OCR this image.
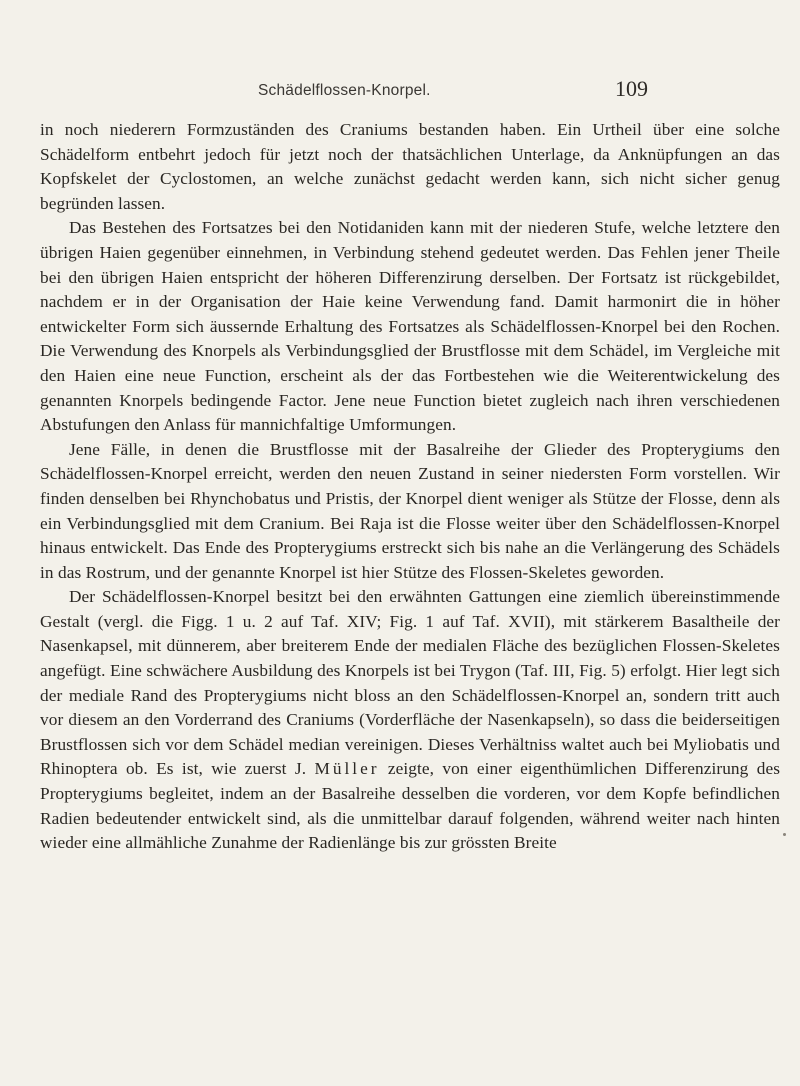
Schädelflossen-Knorpel.	109

in noch niederern Formzuständen des Craniums bestanden haben. Ein Urtheil über eine solche Schädelform entbehrt jedoch für jetzt noch der thatsächlichen Unterlage, da Anknüpfungen an das Kopfskelet der Cyclostomen, an welche zunächst gedacht werden kann, sich nicht sicher genug begründen lassen.

Das Bestehen des Fortsatzes bei den Notidaniden kann mit der niederen Stufe, welche letztere den übrigen Haien gegenüber einnehmen, in Verbindung stehend gedeutet werden. Das Fehlen jener Theile bei den übrigen Haien entspricht der höheren Differenzirung derselben. Der Fortsatz ist rückgebildet, nachdem er in der Organisation der Haie keine Verwendung fand. Damit harmonirt die in höher entwickelter Form sich äussernde Erhaltung des Fortsatzes als Schädelflossen-Knorpel bei den Rochen. Die Verwendung des Knorpels als Verbindungsglied der Brustflosse mit dem Schädel, im Vergleiche mit den Haien eine neue Function, erscheint als der das Fortbestehen wie die Weiterentwickelung des genannten Knorpels bedingende Factor. Jene neue Function bietet zugleich nach ihren verschiedenen Abstufungen den Anlass für mannichfaltige Umformungen.

Jene Fälle, in denen die Brustflosse mit der Basalreihe der Glieder des Propterygiums den Schädelflossen-Knorpel erreicht, werden den neuen Zustand in seiner niedersten Form vorstellen. Wir finden denselben bei Rhynchobatus und Pristis, der Knorpel dient weniger als Stütze der Flosse, denn als ein Verbindungsglied mit dem Cranium. Bei Raja ist die Flosse weiter über den Schädelflossen-Knorpel hinaus entwickelt. Das Ende des Propterygiums erstreckt sich bis nahe an die Verlängerung des Schädels in das Rostrum, und der genannte Knorpel ist hier Stütze des Flossen-Skeletes geworden.

Der Schädelflossen-Knorpel besitzt bei den erwähnten Gattungen eine ziemlich übereinstimmende Gestalt (vergl. die Figg. 1 u. 2 auf Taf. XIV; Fig. 1 auf Taf. XVII), mit stärkerem Basaltheile der Nasenkapsel, mit dünnerem, aber breiterem Ende der medialen Fläche des bezüglichen Flossen-Skeletes angefügt. Eine schwächere Ausbildung des Knorpels ist bei Trygon (Taf. III, Fig. 5) erfolgt. Hier legt sich der mediale Rand des Propterygiums nicht bloss an den Schädelflossen-Knorpel an, sondern tritt auch vor diesem an den Vorderrand des Craniums (Vorderfläche der Nasenkapseln), so dass die beiderseitigen Brustflossen sich vor dem Schädel median vereinigen. Dieses Verhältniss waltet auch bei Myliobatis und Rhinoptera ob. Es ist, wie zuerst J. Müller zeigte, von einer eigenthümlichen Differenzirung des Propterygiums begleitet, indem an der Basalreihe desselben die vorderen, vor dem Kopfe befindlichen Radien bedeutender entwickelt sind, als die unmittelbar darauf folgenden, während weiter nach hinten wieder eine allmähliche Zunahme der Radienlänge bis zur grössten Breite
